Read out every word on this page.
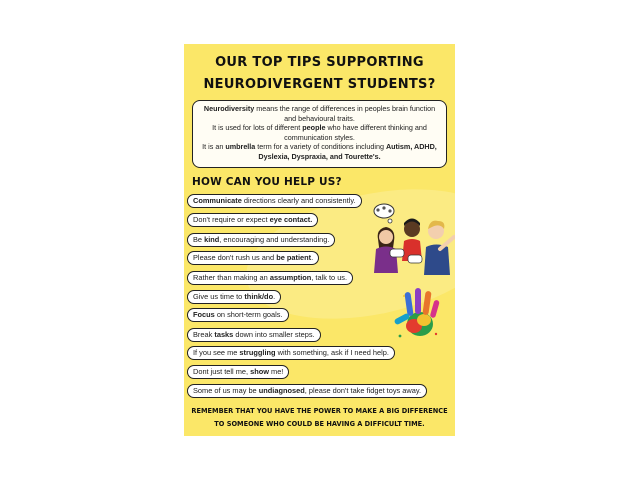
OUR TOP TIPS SUPPORTING
NEURODIVERGENT STUDENTS?

Neurodiversity means the range of differences in peoples brain function and behavioural traits.

It is used for lots of different people who have different thinking and communication styles.

It is an umbrella term for a variety of conditions including Autism, ADHD, Dyslexia, Dyspraxia, and Tourette's.

HOW CAN YOU HELP US?
Communicate directions clearly and consistently.
Don't require or expect eye contact.
Be kind, encouraging and understanding.
Please don't rush us and be patient.
Rather than making an assumption, talk to us.
Give us time to think/do.
Focus on short-term goals.
Break tasks down into smaller steps.
If you see me struggling with something, ask if I need help.
Dont just tell me, show me!
Some of us may be undiagnosed, please don't take fidget toys away.

REMEMBER THAT YOU HAVE THE POWER TO MAKE A BIG DIFFERENCE

TO SOMEONE WHO COULD BE HAVING A DIFFICULT TIME.
